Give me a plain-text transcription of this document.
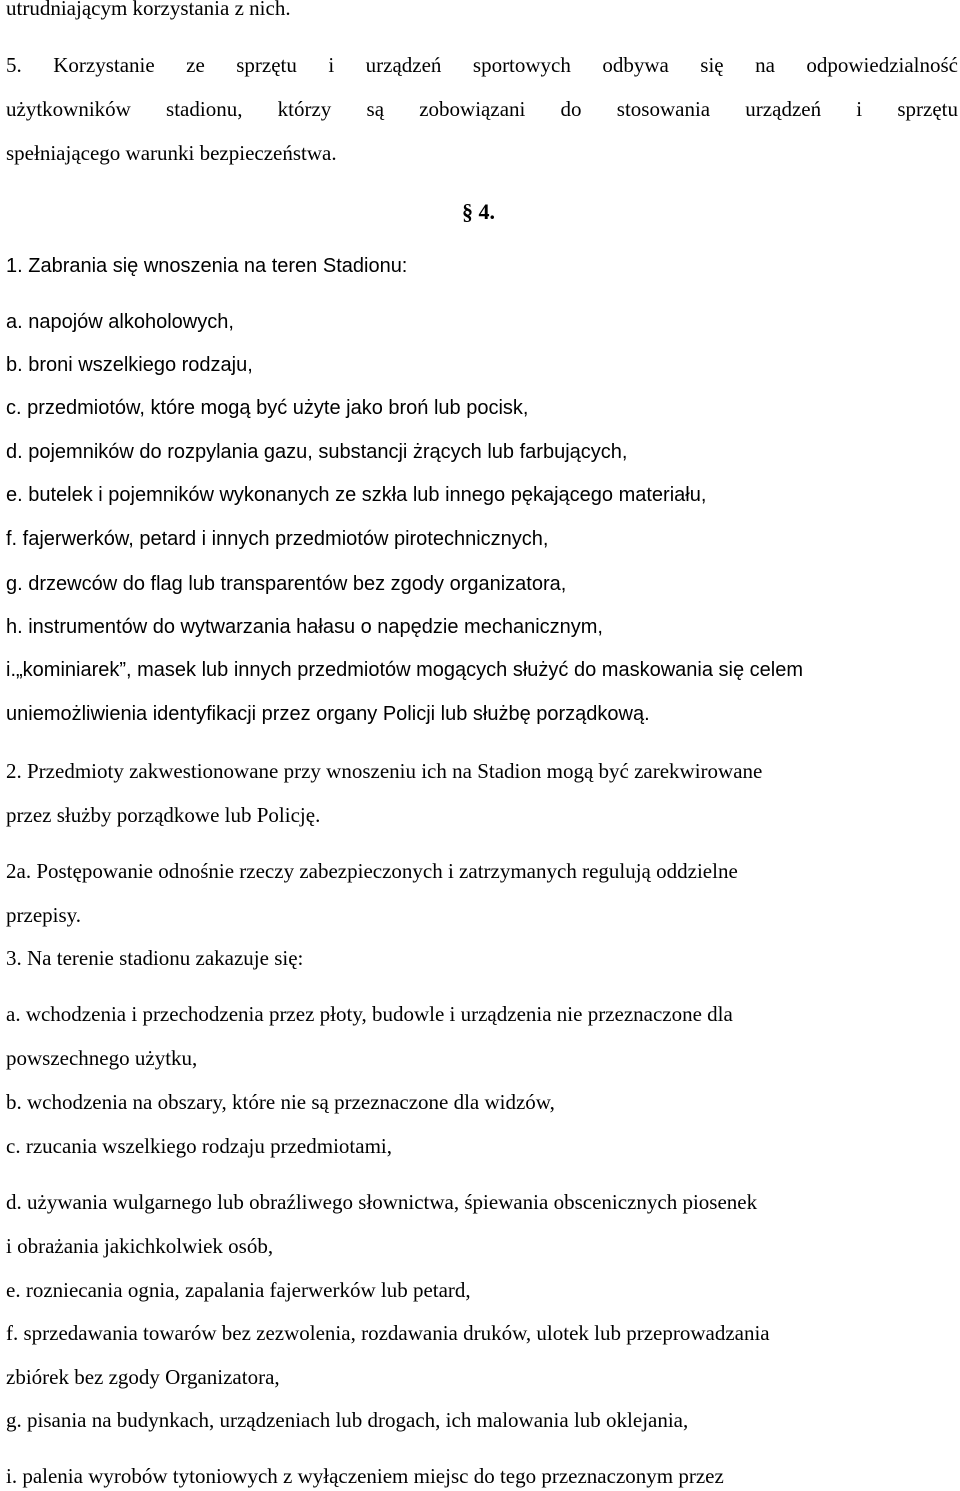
utrudniającym korzystania z nich.
5. Korzystanie ze sprzętu i urządzeń sportowych odbywa się na odpowiedzialność
użytkowników stadionu, którzy są zobowiązani do stosowania urządzeń i sprzętu
spełniającego warunki bezpieczeństwa.
§ 4.
1. Zabrania się wnoszenia na teren Stadionu:
a. napojów alkoholowych,
b. broni wszelkiego rodzaju,
c. przedmiotów, które mogą być użyte jako broń lub pocisk,
d. pojemników do rozpylania gazu, substancji żrących lub farbujących,
e. butelek i pojemników wykonanych ze szkła lub innego pękającego materiału,
f. fajerwerków, petard i innych przedmiotów pirotechnicznych,
g. drzewców do flag lub transparentów bez zgody organizatora,
h. instrumentów do wytwarzania hałasu o napędzie mechanicznym,
i.„kominiarek”, masek lub innych przedmiotów mogących służyć do maskowania się celem
uniemożliwienia identyfikacji przez organy Policji lub służbę porządkową.
2. Przedmioty zakwestionowane przy wnoszeniu ich na Stadion mogą być zarekwirowane
przez służby porządkowe lub Policję.
2a. Postępowanie odnośnie rzeczy zabezpieczonych i zatrzymanych regulują oddzielne
przepisy.
3. Na terenie stadionu zakazuje się:
a. wchodzenia i przechodzenia przez płoty, budowle i urządzenia nie przeznaczone dla
powszechnego użytku,
b. wchodzenia na obszary, które nie są przeznaczone dla widzów,
c. rzucania wszelkiego rodzaju przedmiotami,
d. używania wulgarnego lub obraźliwego słownictwa, śpiewania obscenicznych piosenek
i obrażania jakichkolwiek osób,
e. rozniecania ognia, zapalania fajerwerków lub petard,
f. sprzedawania towarów bez zezwolenia, rozdawania druków, ulotek lub przeprowadzania
zbiórek bez zgody Organizatora,
g. pisania na budynkach, urządzeniach lub drogach, ich malowania lub oklejania,
i. palenia wyrobów tytoniowych z wyłączeniem miejsc do tego przeznaczonym przez
